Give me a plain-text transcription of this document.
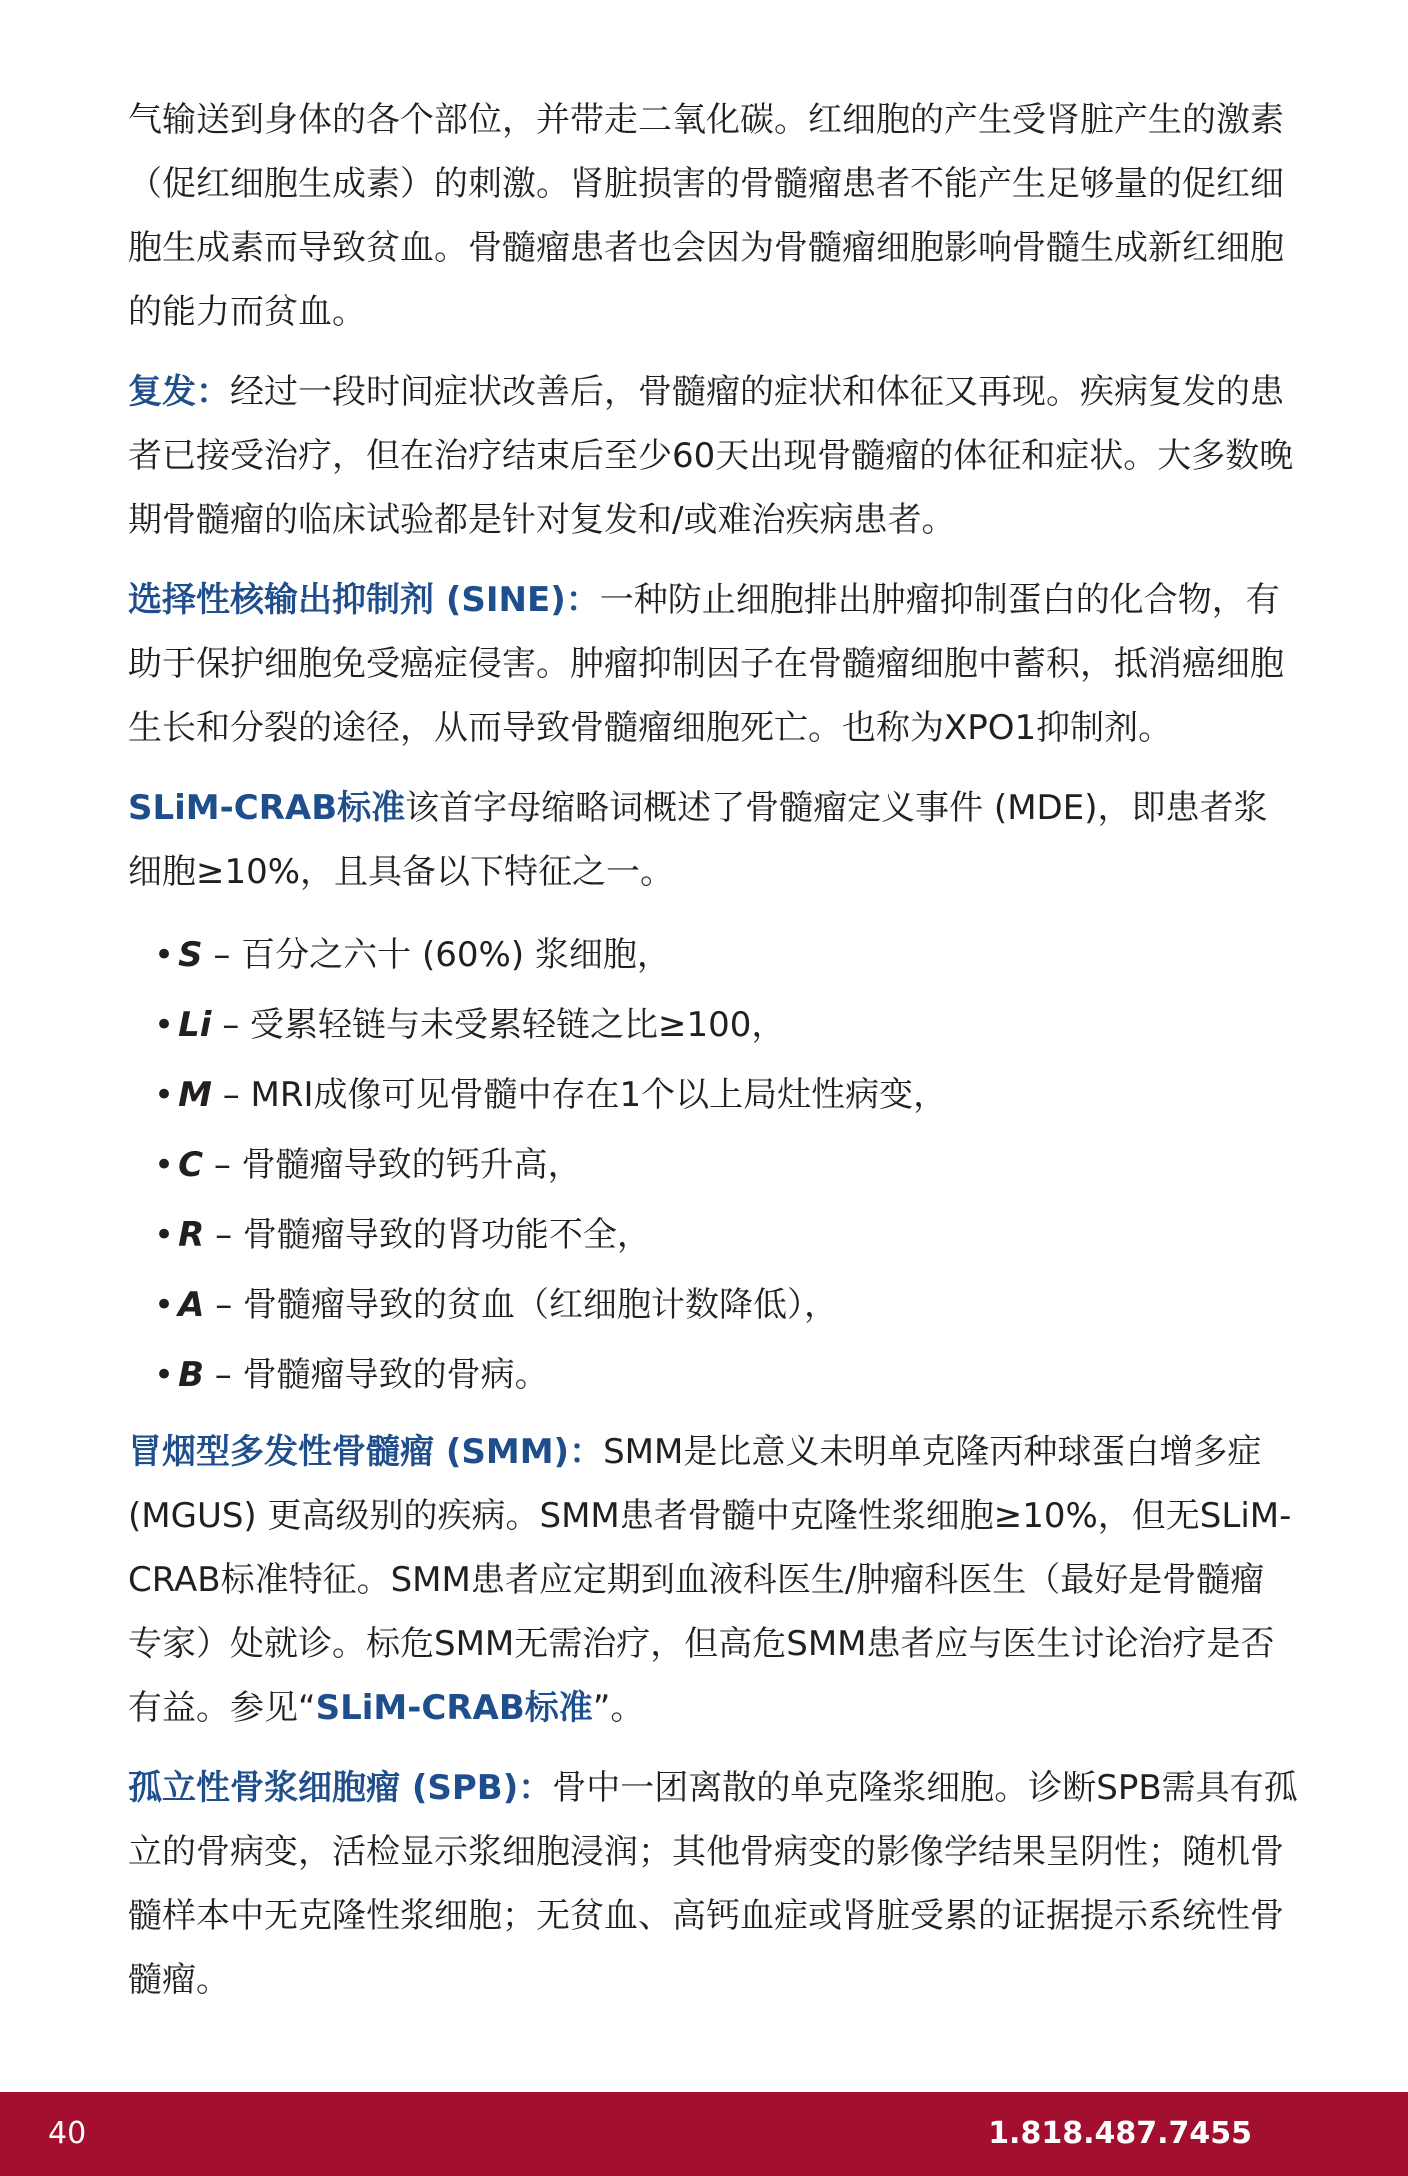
气输送到身体的各个部位，并带走二氧化碳。红细胞的产生受肾脏产生的激素（促红细胞生成素）的刺激。肾脏损害的骨髓瘤患者不能产生足够量的促红细胞生成素而导致贫血。骨髓瘤患者也会因为骨髓瘤细胞影响骨髓生成新红细胞的能力而贫血。

复发：经过一段时间症状改善后，骨髓瘤的症状和体征又再现。疾病复发的患者已接受治疗，但在治疗结束后至少60天出现骨髓瘤的体征和症状。大多数晚期骨髓瘤的临床试验都是针对复发和/或难治疾病患者。

选择性核输出抑制剂 (SINE)：一种防止细胞排出肿瘤抑制蛋白的化合物，有助于保护细胞免受癌症侵害。肿瘤抑制因子在骨髓瘤细胞中蓄积，抵消癌细胞生长和分裂的途径，从而导致骨髓瘤细胞死亡。也称为XPO1抑制剂。

SLiM-CRAB标准该首字母缩略词概述了骨髓瘤定义事件 (MDE)，即患者浆细胞≥10%，且具备以下特征之一。

• S – 百分之六十 (60%) 浆细胞，
• Li – 受累轻链与未受累轻链之比≥100，
• M – MRI成像可见骨髓中存在1个以上局灶性病变，
• C – 骨髓瘤导致的钙升高，
• R – 骨髓瘤导致的肾功能不全，
• A – 骨髓瘤导致的贫血（红细胞计数降低），
• B – 骨髓瘤导致的骨病。

冒烟型多发性骨髓瘤 (SMM)：SMM是比意义未明单克隆丙种球蛋白增多症 (MGUS) 更高级别的疾病。SMM患者骨髓中克隆性浆细胞≥10%，但无SLiM-CRAB标准特征。SMM患者应定期到血液科医生/肿瘤科医生（最好是骨髓瘤专家）处就诊。标危SMM无需治疗，但高危SMM患者应与医生讨论治疗是否有益。参见“SLiM-CRAB标准”。

孤立性骨浆细胞瘤 (SPB)：骨中一团离散的单克隆浆细胞。诊断SPB需具有孤立的骨病变，活检显示浆细胞浸润；其他骨病变的影像学结果呈阴性；随机骨髓样本中无克隆性浆细胞；无贫血、高钙血症或肾脏受累的证据提示系统性骨髓瘤。

40	1.818.487.7455
